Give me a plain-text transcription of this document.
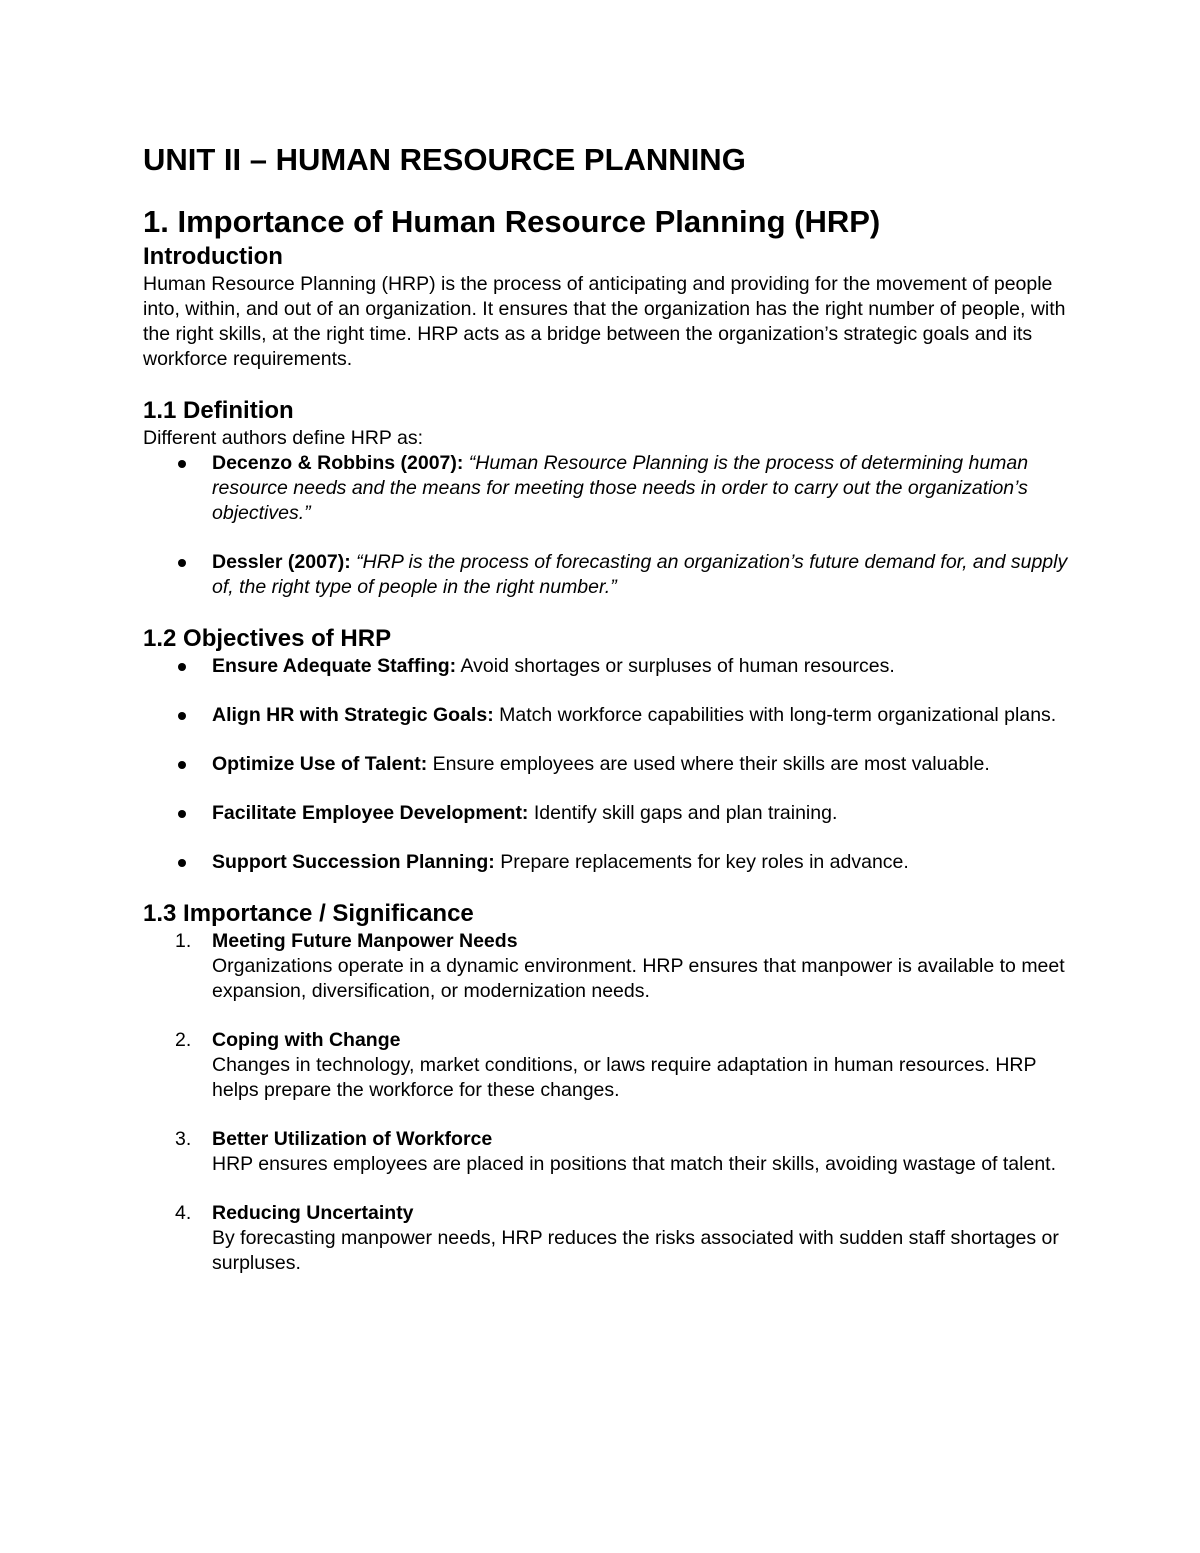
UNIT II – HUMAN RESOURCE PLANNING
1. Importance of Human Resource Planning (HRP)
Introduction

Human Resource Planning (HRP) is the process of anticipating and providing for the movement of people into, within, and out of an organization. It ensures that the organization has the right number of people, with the right skills, at the right time. HRP acts as a bridge between the organization’s strategic goals and its workforce requirements.

1.1 Definition

Different authors define HRP as:

Decenzo & Robbins (2007): “Human Resource Planning is the process of determining human resource needs and the means for meeting those needs in order to carry out the organization’s objectives.”
Dessler (2007): “HRP is the process of forecasting an organization’s future demand for, and supply of, the right type of people in the right number.”
1.2 Objectives of HRP
Ensure Adequate Staffing: Avoid shortages or surpluses of human resources.
Align HR with Strategic Goals: Match workforce capabilities with long-term organizational plans.
Optimize Use of Talent: Ensure employees are used where their skills are most valuable.
Facilitate Employee Development: Identify skill gaps and plan training.
Support Succession Planning: Prepare replacements for key roles in advance.
1.3 Importance / Significance
1. Meeting Future Manpower Needs
Organizations operate in a dynamic environment. HRP ensures that manpower is available to meet expansion, diversification, or modernization needs.
2. Coping with Change
Changes in technology, market conditions, or laws require adaptation in human resources. HRP helps prepare the workforce for these changes.
3. Better Utilization of Workforce
HRP ensures employees are placed in positions that match their skills, avoiding wastage of talent.
4. Reducing Uncertainty
By forecasting manpower needs, HRP reduces the risks associated with sudden staff shortages or surpluses.
